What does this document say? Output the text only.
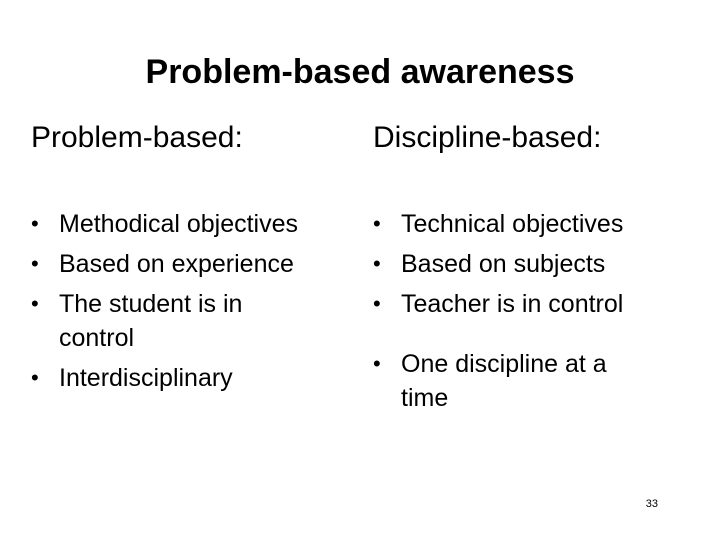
Problem-based awareness
Problem-based:	Discipline-based:
• Methodical objectives
• Based on experience
• The student is in control
• Interdisciplinary
• Technical objectives
• Based on subjects
• Teacher is in control
• One discipline at a time
33
